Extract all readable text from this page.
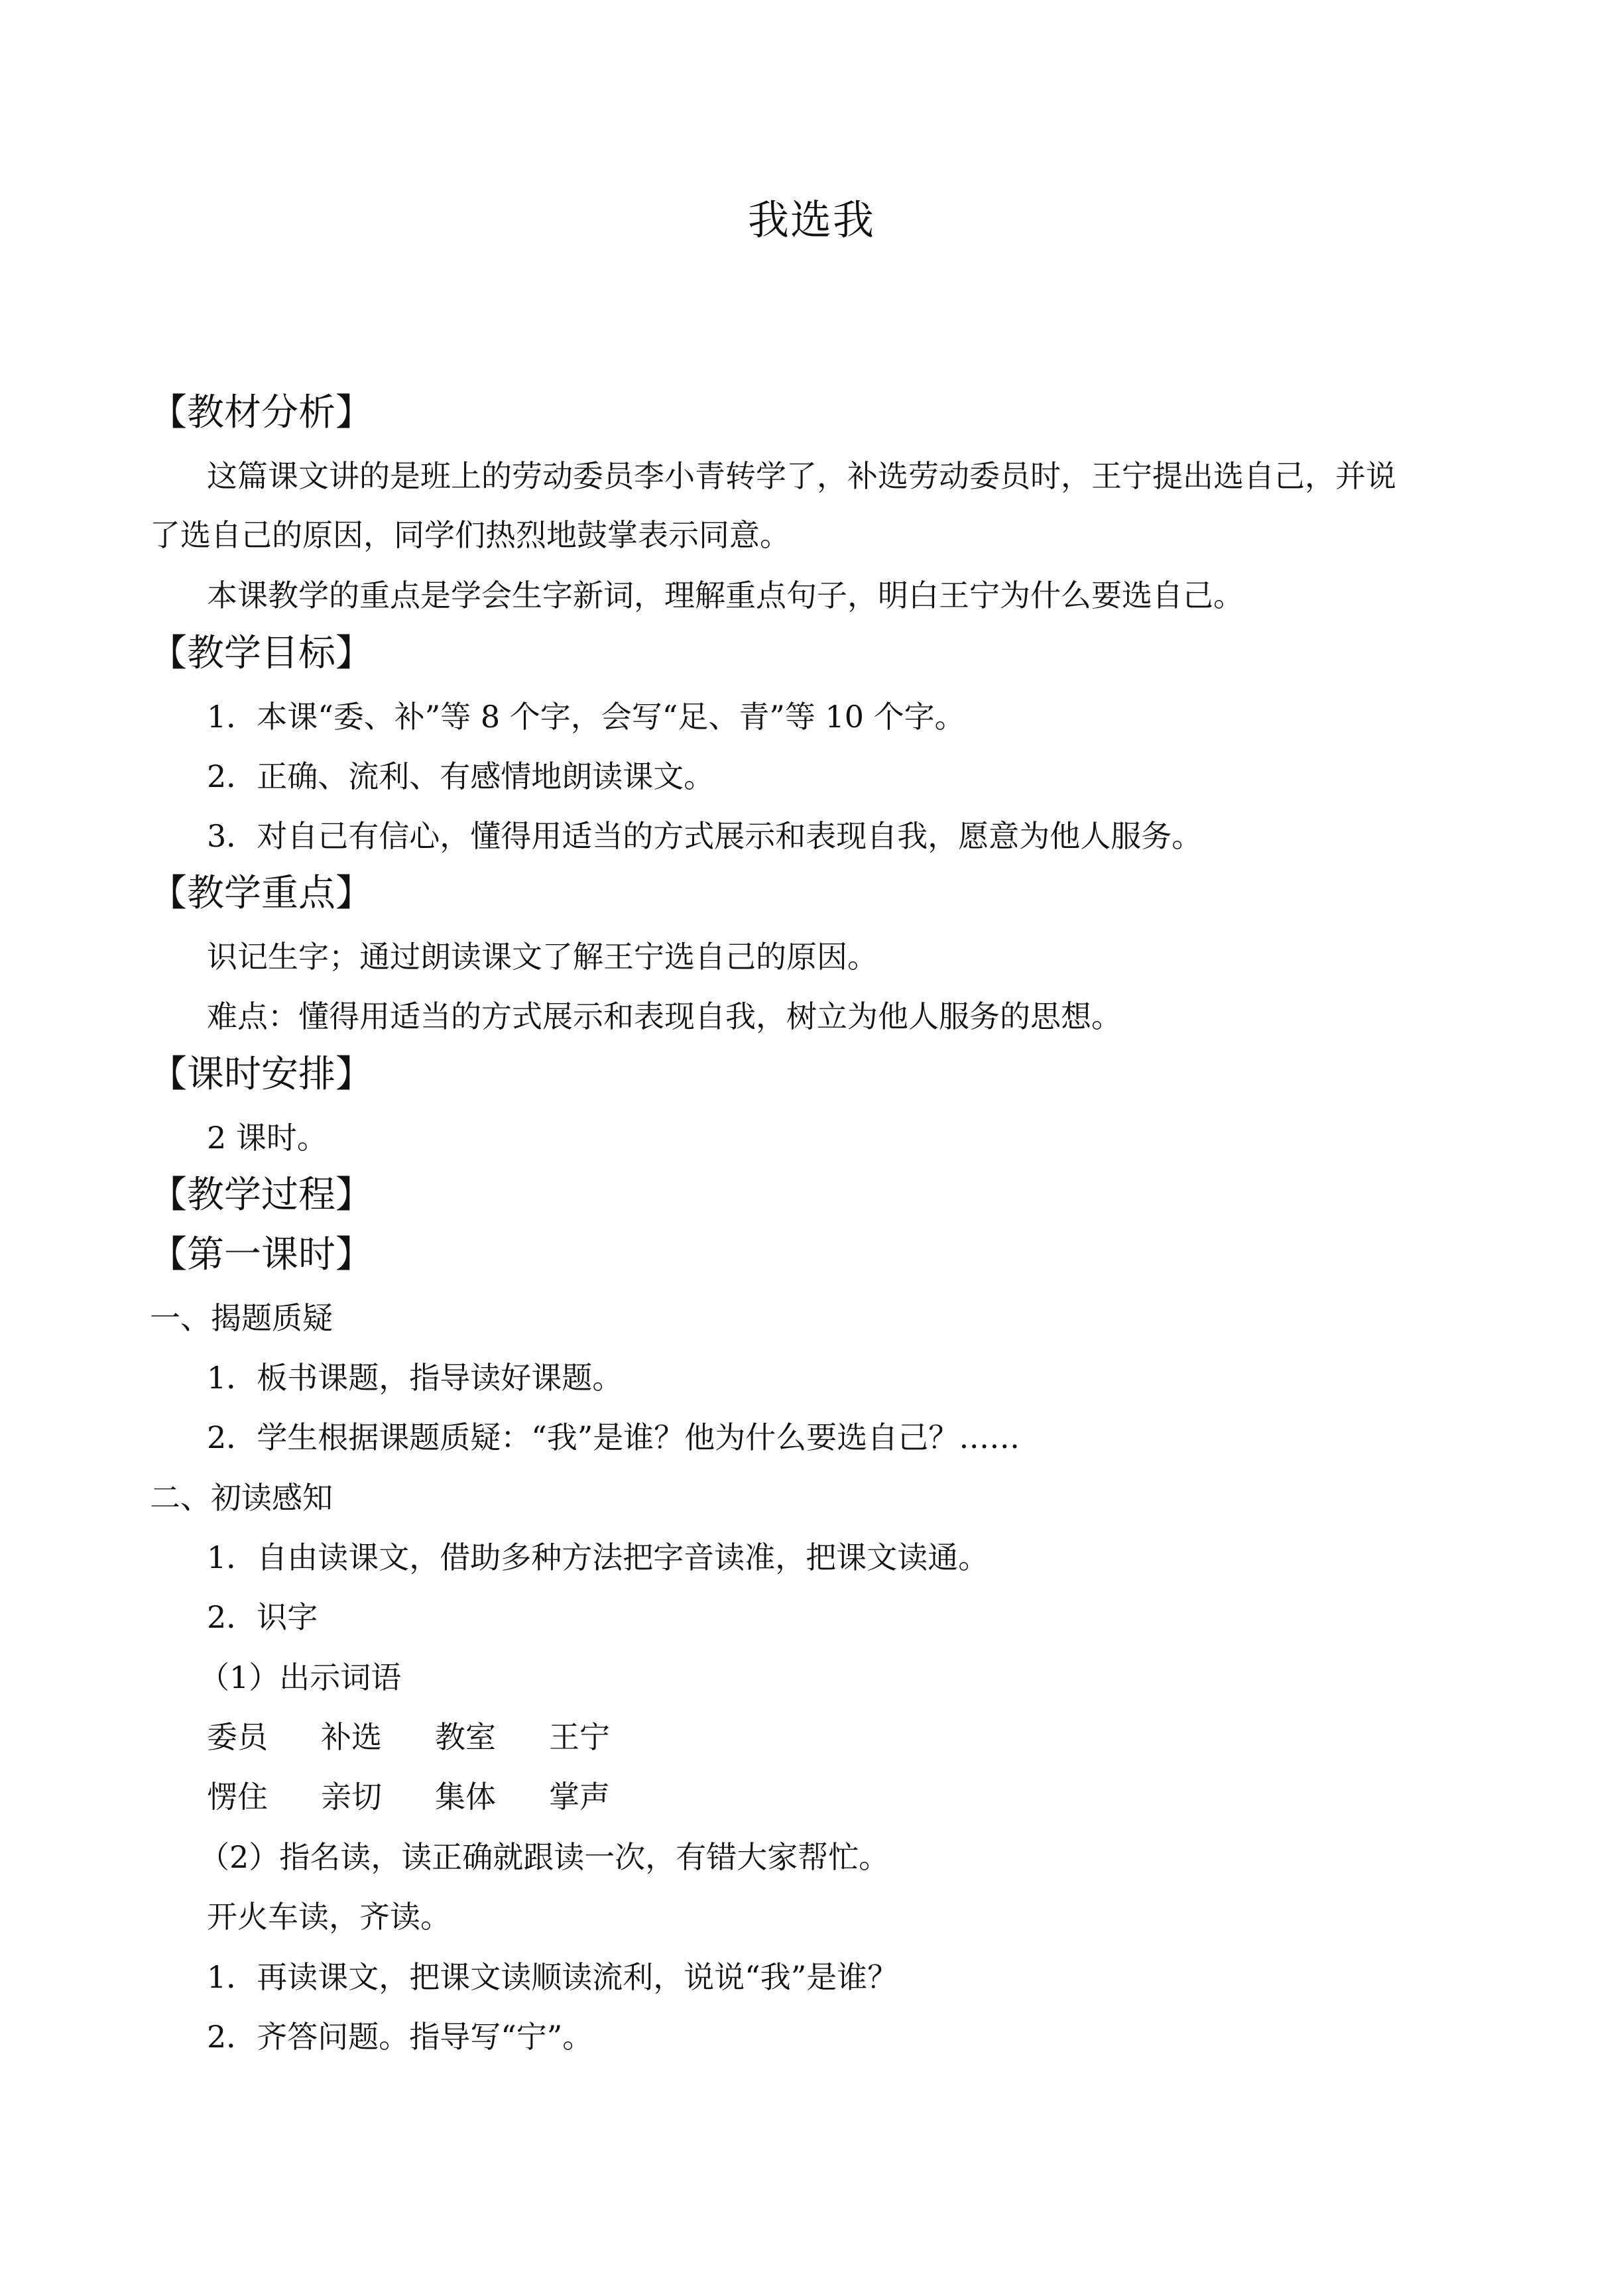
我选我
【教材分析】
这篇课文讲的是班上的劳动委员李小青转学了，补选劳动委员时，王宁提出选自己，并说
了选自己的原因，同学们热烈地鼓掌表示同意。
本课教学的重点是学会生字新词，理解重点句子，明白王宁为什么要选自己。
【教学目标】
1．本课“委、补”等 8 个字，会写“足、青”等 10 个字。
2．正确、流利、有感情地朗读课文。
3．对自己有信心，懂得用适当的方式展示和表现自我，愿意为他人服务。
【教学重点】
识记生字；通过朗读课文了解王宁选自己的原因。
难点：懂得用适当的方式展示和表现自我，树立为他人服务的思想。
【课时安排】
2 课时。
【教学过程】
【第一课时】
一、揭题质疑
1．板书课题，指导读好课题。
2．学生根据课题质疑：“我”是谁？他为什么要选自己？……
二、初读感知
1．自由读课文，借助多种方法把字音读准，把课文读通。
2．识字
（1）出示词语
委员 补选 教室 王宁
愣住 亲切 集体 掌声
（2）指名读，读正确就跟读一次，有错大家帮忙。
开火车读，齐读。
1．再读课文，把课文读顺读流利，说说“我”是谁？
2．齐答问题。指导写“宁”。
